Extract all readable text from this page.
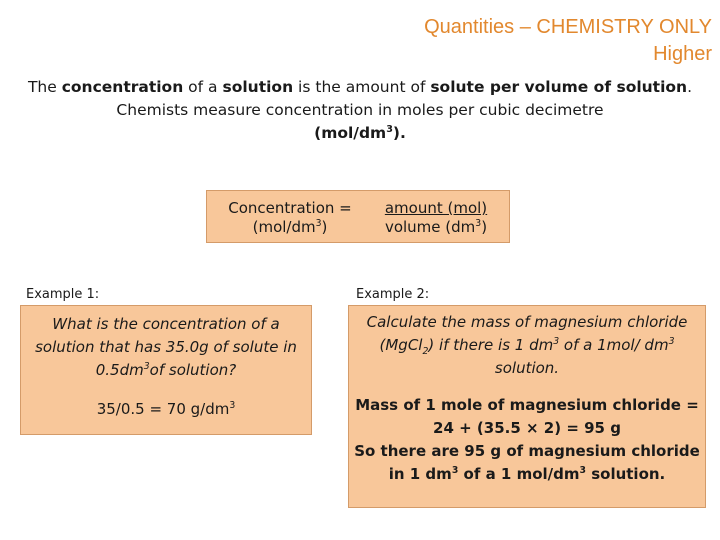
Quantities – CHEMISTRY ONLY
Higher
The concentration of a solution is the amount of solute per volume of solution.
Chemists measure concentration in moles per cubic decimetre
$(mol/dm^3)$.
Concentration =
$(mol/dm^3)$
amount (mol)
volume $(dm^3)$
Example 1:	Example 2:
What is the concentration of a solution that has 35.0g of solute in $0.5dm^3of$ solution?
35/0.5 = 70 $g/dm^3$
Calculate the mass of magnesium chloride (MgCl$_2$) if there is 1 $dm^3$ of a 1mol/ $dm^3$
solution.
Mass of 1 mole of magnesium chloride =
24 + (35.5 × 2) = 95 g
So there are 95 g of magnesium chloride
in 1 $dm^3$ of a 1 mol/$dm^3$ solution.
